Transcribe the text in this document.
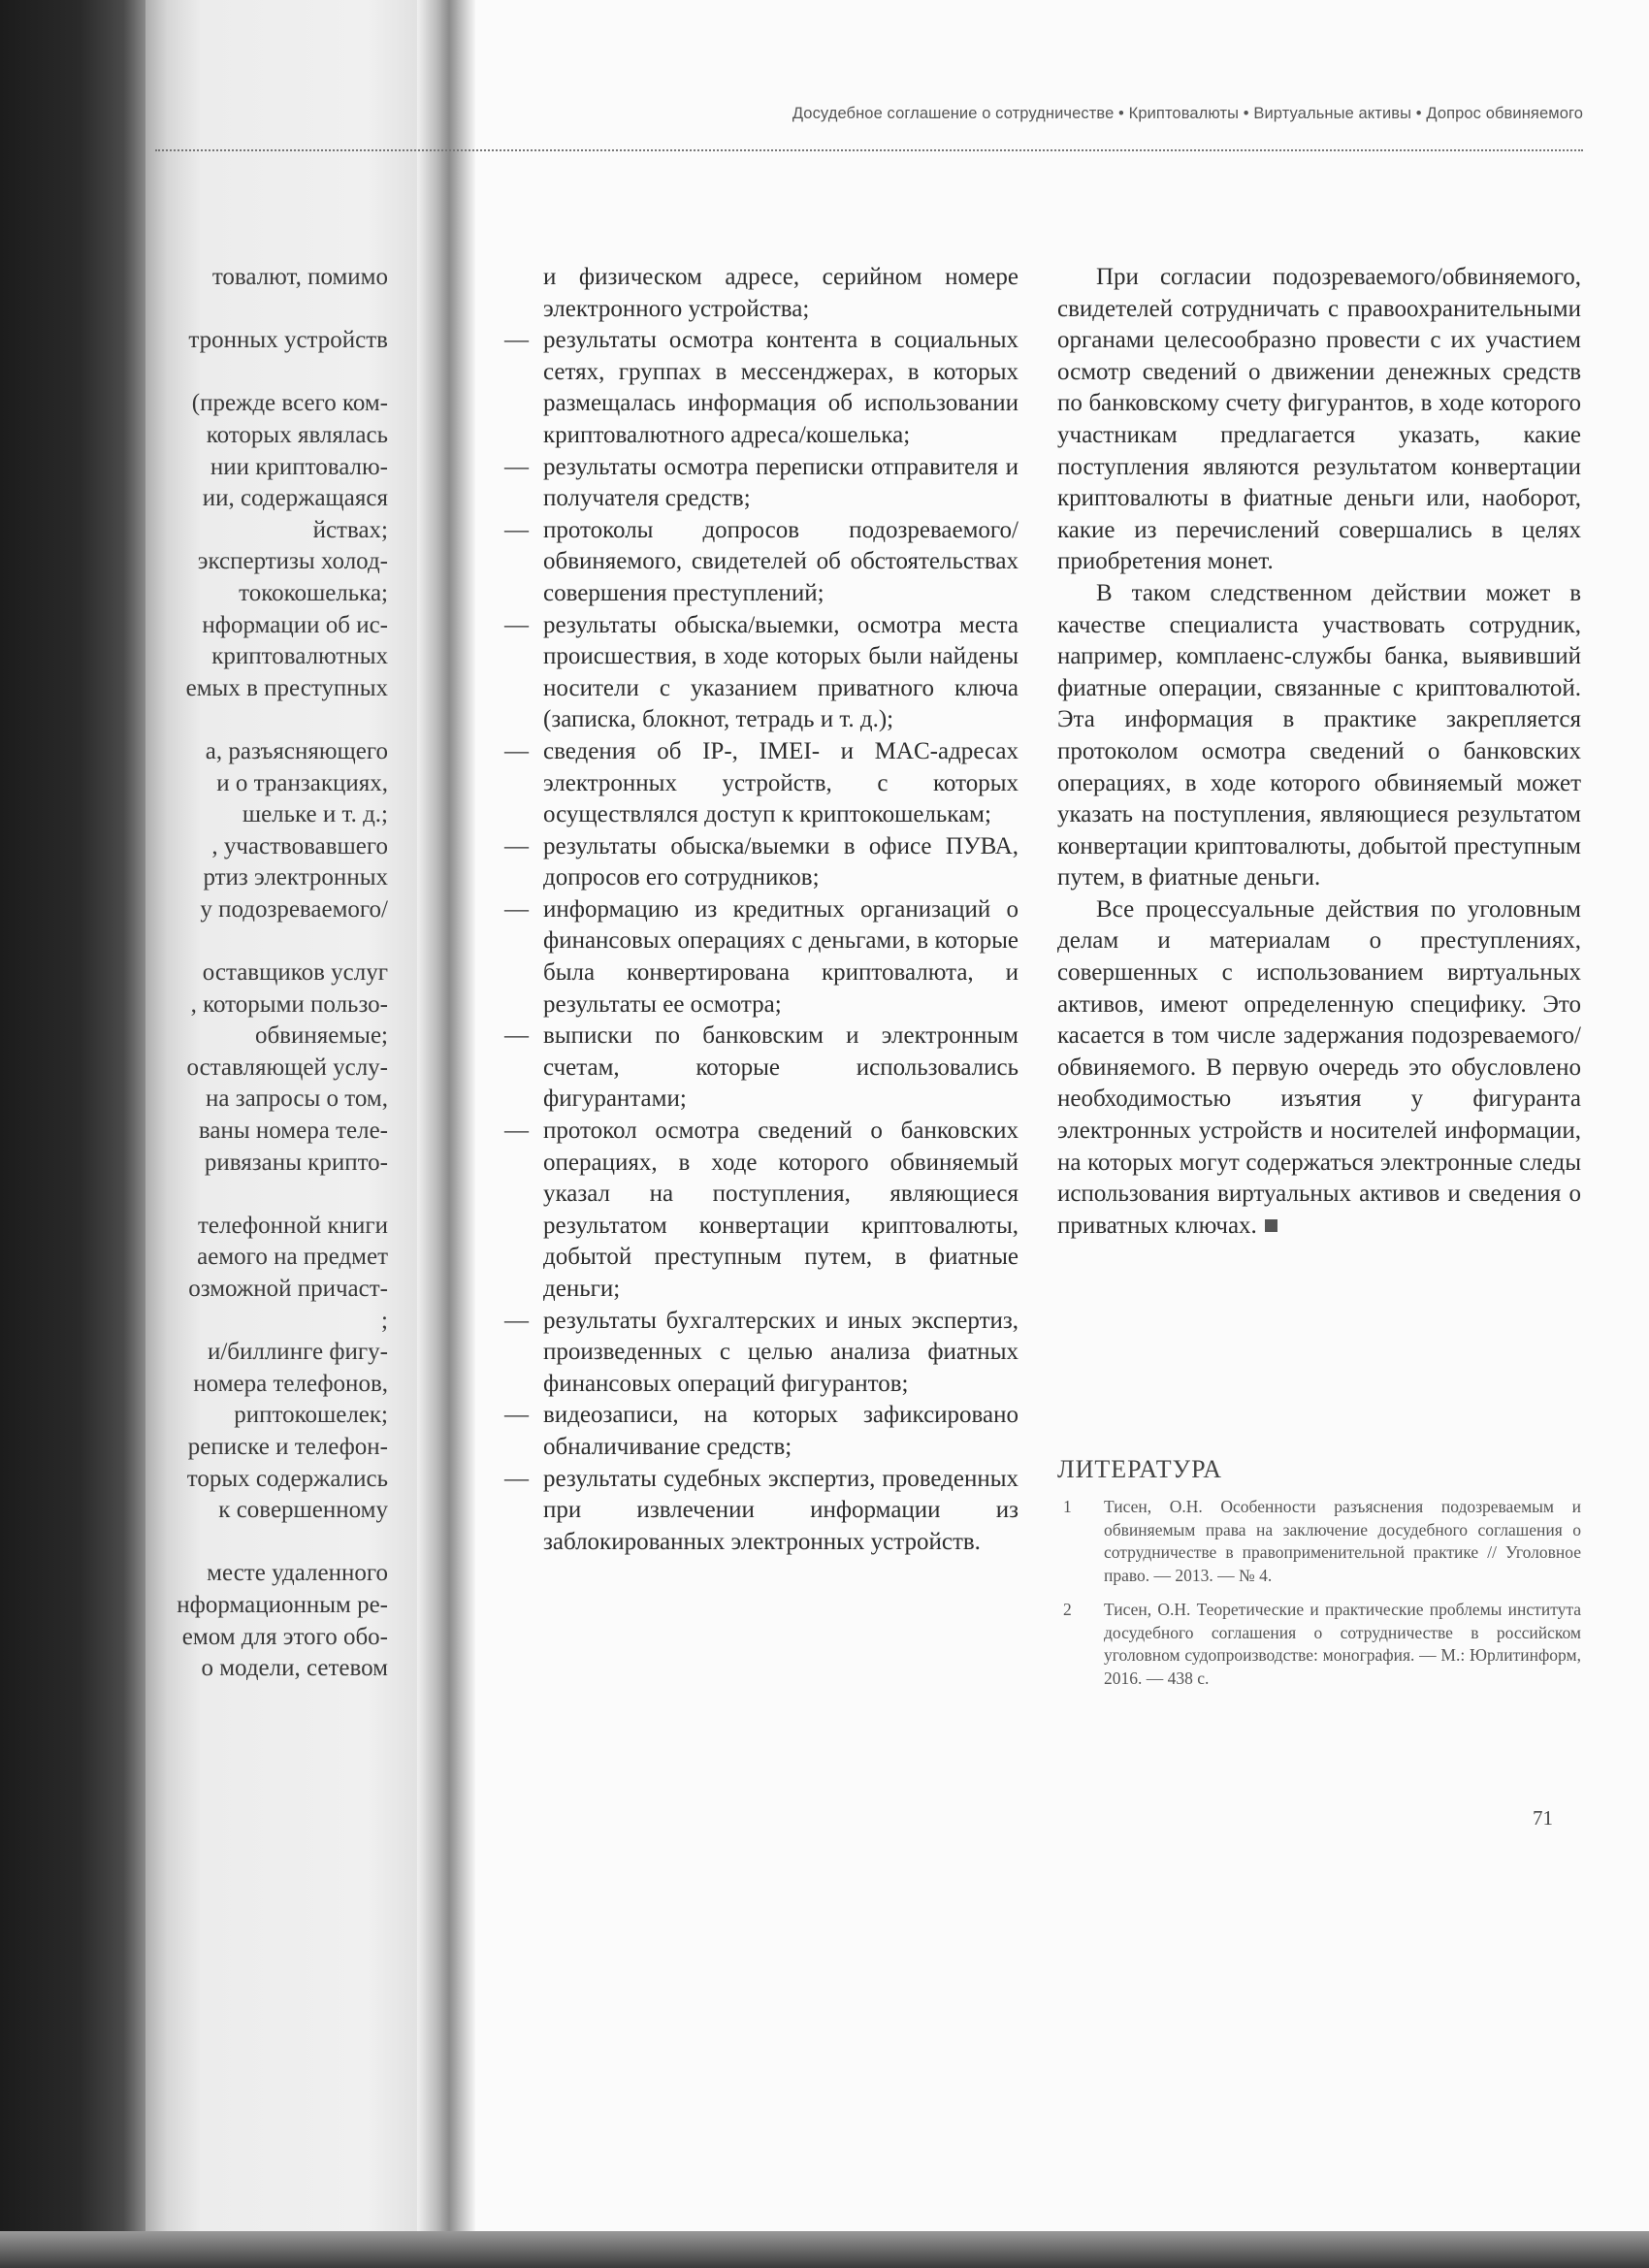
Досудебное соглашение о сотрудничестве • Криптовалюты • Виртуальные активы • Допрос обвиняемого
товалют, помимо
тронных устройств
(прежде всего ком-
которых являлась
нии криптовалю-
ии, содержащаяся
йствах;
экспертизы холод-
тококошелька;
нформации об ис-
криптовалютных
емых в преступных
а, разъясняющего
и о транзакциях,
шельке и т. д.;
, участвовавшего
ртиз электронных
у подозреваемого/
оставщиков услуг
, которыми пользо-
обвиняемые;
оставляющей услу-
на запросы о том,
ваны номера теле-
ривязаны крипто-
телефонной книги
аемого на предмет
озможной причаст-
;
и/биллинге фигу-
номера телефонов,
риптокошелек;
реписке и телефон-
торых содержались
к совершенному
месте удаленного
нформационным ре-
емом для этого обо-
о модели, сетевом

и физическом адресе, серийном номере электронного устройства;

— результаты осмотра контента в социальных сетях, группах в мессенджерах, в которых размещалась информация об использовании криптовалютного адреса/кошелька;
— результаты осмотра переписки отправителя и получателя средств;
— протоколы допросов подозреваемого/обвиняемого, свидетелей об обстоятельствах совершения преступлений;
— результаты обыска/выемки, осмотра места происшествия, в ходе которых были найдены носители с указанием приватного ключа (записка, блокнот, тетрадь и т. д.);
— сведения об IP-, IMEI- и MAC-адресах электронных устройств, с которых осуществлялся доступ к криптокошелькам;
— результаты обыска/выемки в офисе ПУВА, допросов его сотрудников;
— информацию из кредитных организаций о финансовых операциях с деньгами, в которые была конвертирована криптовалюта, и результаты ее осмотра;
— выписки по банковским и электронным счетам, которые использовались фигурантами;
— протокол осмотра сведений о банковских операциях, в ходе которого обвиняемый указал на поступления, являющиеся результатом конвертации криптовалюты, добытой преступным путем, в фиатные деньги;
— результаты бухгалтерских и иных экспертиз, произведенных с целью анализа фиатных финансовых операций фигурантов;
— видеозаписи, на которых зафиксировано обналичивание средств;
— результаты судебных экспертиз, проведенных при извлечении информации из заблокированных электронных устройств.

При согласии подозреваемого/обвиняемого, свидетелей сотрудничать с правоохранительными органами целесообразно провести с их участием осмотр сведений о движении денежных средств по банковскому счету фигурантов, в ходе которого участникам предлагается указать, какие поступления являются результатом конвертации криптовалюты в фиатные деньги или, наоборот, какие из перечислений совершались в целях приобретения монет.

В таком следственном действии может в качестве специалиста участвовать сотрудник, например, комплаенс-службы банка, выявивший фиатные операции, связанные с криптовалютой. Эта информация в практике закрепляется протоколом осмотра сведений о банковских операциях, в ходе которого обвиняемый может указать на поступления, являющиеся результатом конвертации криптовалюты, добытой преступным путем, в фиатные деньги.

Все процессуальные действия по уголовным делам и материалам о преступлениях, совершенных с использованием виртуальных активов, имеют определенную специфику. Это касается в том числе задержания подозреваемого/обвиняемого. В первую очередь это обусловлено необходимостью изъятия у фигуранта электронных устройств и носителей информации, на которых могут содержаться электронные следы использования виртуальных активов и сведения о приватных ключах.

ЛИТЕРАТУРА
1 Тисен, О.Н. Особенности разъяснения подозреваемым и обвиняемым права на заключение досудебного соглашения о сотрудничестве в правоприменительной практике // Уголовное право. — 2013. — № 4.
2 Тисен, О.Н. Теоретические и практические проблемы института досудебного соглашения о сотрудничестве в российском уголовном судопроизводстве: монография. — М.: Юрлитинформ, 2016. — 438 с.
71
